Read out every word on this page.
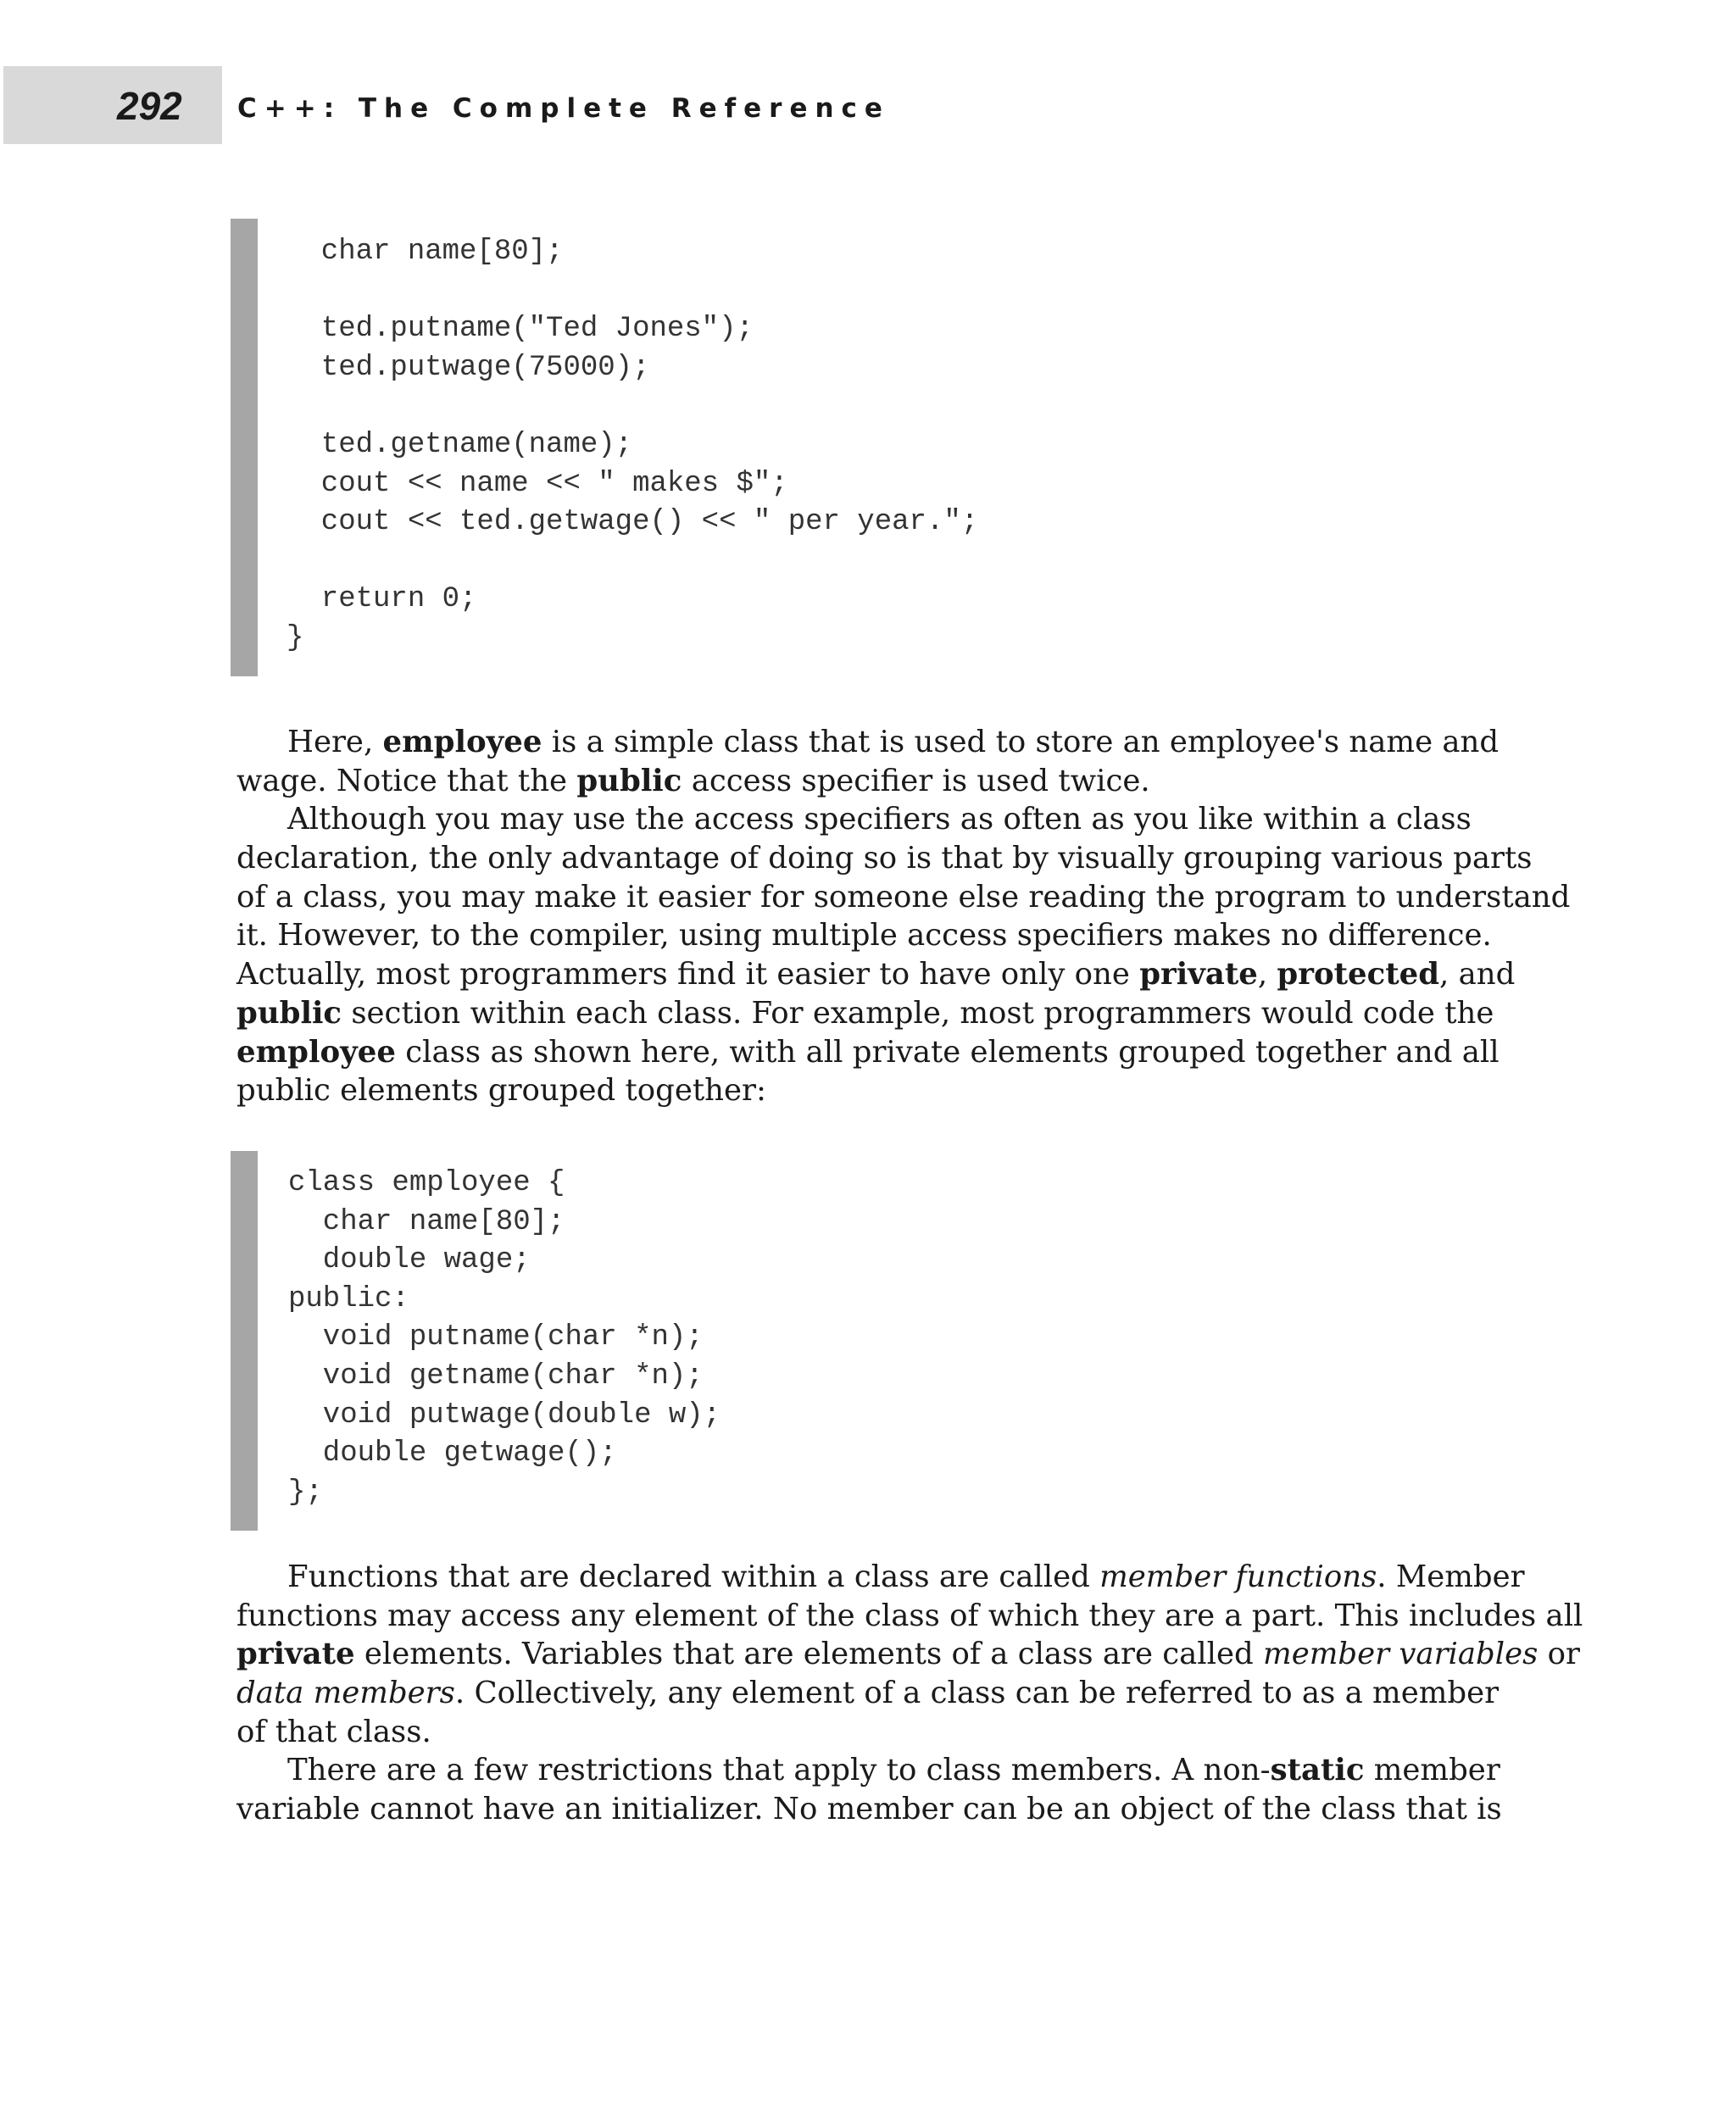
292 C++: The Complete Reference
char name[80];
ted.putname("Ted Jones");
ted.putwage(75000);
ted.getname(name);
cout << name << " makes $";
cout << ted.getwage() << " per year.";
return 0;
}

Here, employee is a simple class that is used to store an employee's name and
wage. Notice that the public access specifier is used twice.

Although you may use the access specifiers as often as you like within a class
declaration, the only advantage of doing so is that by visually grouping various parts
of a class, you may make it easier for someone else reading the program to understand
it. However, to the compiler, using multiple access specifiers makes no difference.
Actually, most programmers find it easier to have only one private, protected, and
public section within each class. For example, most programmers would code the
employee class as shown here, with all private elements grouped together and all
public elements grouped together:

class employee {
char name[80];
double wage;
public:
void putname(char *n);
void getname(char *n);
void putwage(double w);
double getwage();
};

Functions that are declared within a class are called member functions. Member
functions may access any element of the class of which they are a part. This includes all
private elements. Variables that are elements of a class are called member variables or
data members. Collectively, any element of a class can be referred to as a member
of that class.

There are a few restrictions that apply to class members. A non-static member
variable cannot have an initializer. No member can be an object of the class that is
